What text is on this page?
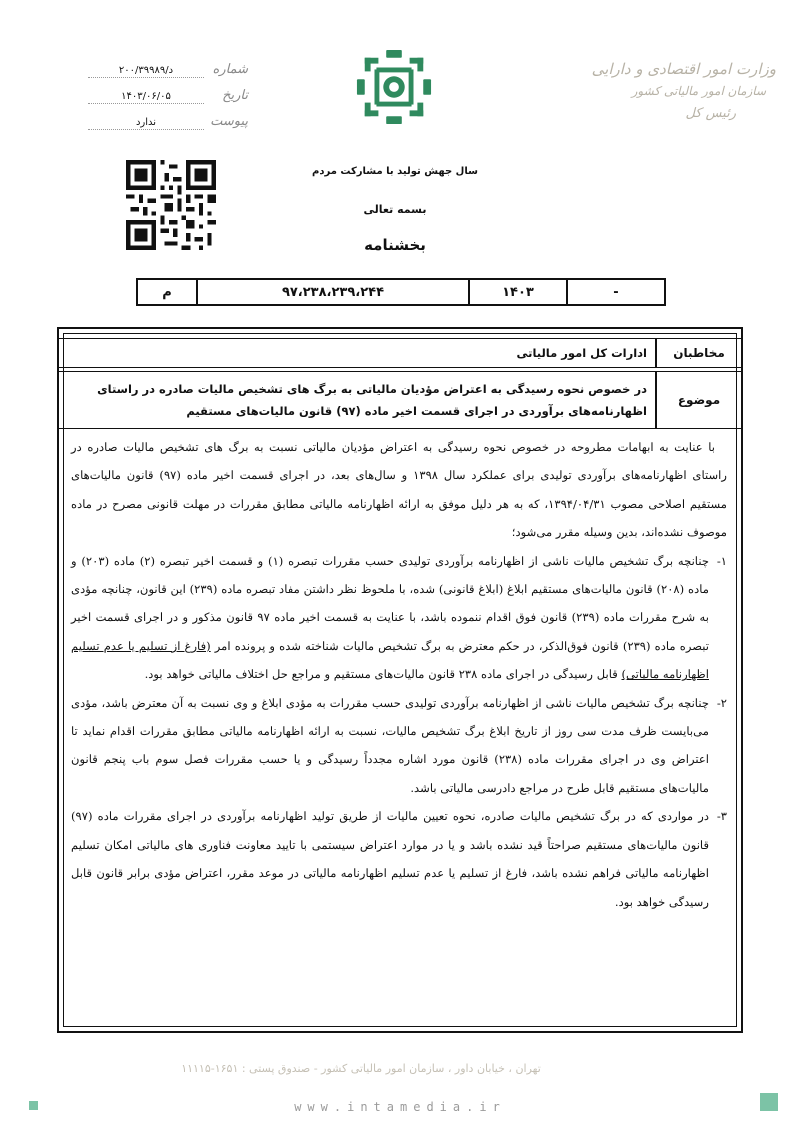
شماره
د/۲۰۰/۳۹۹۸۹
تاریخ
۱۴۰۳/۰۶/۰۵
پیوست
ندارد
وزارت امور اقتصادی و دارایی
سازمان امور مالیاتی کشور
رئیس کل
سال جهش تولید با مشارکت مردم
بسمه تعالی
بخشنامه
م	۹۷،۲۳۸،۲۳۹،۲۴۴	۱۴۰۳	-
مخاطبان
ادارات کل امور مالیاتی
موضوع
در خصوص نحوه رسیدگی به اعتراض مؤدیان مالیاتی به برگ های تشخیص مالیات صادره در راستای اظهارنامه‌های برآوردی در اجرای قسمت اخیر ماده (۹۷) قانون مالیات‌های مستقیم

با عنایت به ابهامات مطروحه در خصوص نحوه رسیدگی به اعتراض مؤدیان مالیاتی نسبت به برگ های تشخیص مالیات صادره در راستای اظهارنامه‌های برآوردی تولیدی برای عملکرد سال ۱۳۹۸ و سال‌های بعد، در اجرای قسمت اخیر ماده (۹۷) قانون مالیات‌های مستقیم اصلاحی مصوب ۱۳۹۴/۰۴/۳۱، که به هر دلیل موفق به ارائه اظهارنامه مالیاتی مطابق مقررات در مهلت قانونی مصرح در ماده موصوف نشده‌اند، بدین وسیله مقرر می‌شود؛

۱-
چنانچه برگ تشخیص مالیات ناشی از اظهارنامه برآوردی تولیدی حسب مقررات تبصره (۱) و قسمت اخیر تبصره (۲) ماده (۲۰۳) و ماده (۲۰۸) قانون مالیات‌های مستقیم ابلاغ (ابلاغ قانونی) شده، با ملحوظ نظر داشتن مفاد تبصره ماده (۲۳۹) این قانون، چنانچه مؤدی به شرح مقررات ماده (۲۳۹) قانون فوق اقدام ننموده باشد، با عنایت به قسمت اخیر ماده ۹۷ قانون مذکور و در اجرای قسمت اخیر تبصره ماده (۲۳۹) قانون فوق‌الذکر، در حکم معترض به برگ تشخیص مالیات شناخته شده و پرونده امر (فارغ از تسلیم یا عدم تسلیم اظهارنامه مالیاتی) قابل رسیدگی در اجرای ماده ۲۳۸ قانون مالیات‌های مستقیم و مراجع حل اختلاف مالیاتی خواهد بود.
۲-
چنانچه برگ تشخیص مالیات ناشی از اظهارنامه برآوردی تولیدی حسب مقررات به مؤدی ابلاغ و وی نسبت به آن معترض باشد، مؤدی می‌بایست ظرف مدت سی روز از تاریخ ابلاغ برگ تشخیص مالیات، نسبت به ارائه اظهارنامه مالیاتی مطابق مقررات اقدام نماید تا اعتراض وی در اجرای مقررات ماده (۲۳۸) قانون مورد اشاره مجدداً رسیدگی و یا حسب مقررات فصل سوم باب پنجم قانون مالیات‌های مستقیم قابل طرح در مراجع دادرسی مالیاتی باشد.
۳-
در مواردی که در برگ تشخیص مالیات صادره، نحوه تعیین مالیات از طریق تولید اظهارنامه برآوردی در اجرای مقررات ماده (۹۷) قانون مالیات‌های مستقیم صراحتاً قید نشده باشد و یا در موارد اعتراض سیستمی با تایید معاونت فناوری های مالیاتی امکان تسلیم اظهارنامه مالیاتی فراهم نشده باشد، فارغ از تسلیم یا عدم تسلیم اظهارنامه مالیاتی در موعد مقرر، اعتراض مؤدی برابر قانون قابل رسیدگی خواهد بود.
تهران ، خیابان داور ، سازمان امور مالیاتی کشور - صندوق پستی : ۱۶۵۱-۱۱۱۱۵
www.intamedia.ir
